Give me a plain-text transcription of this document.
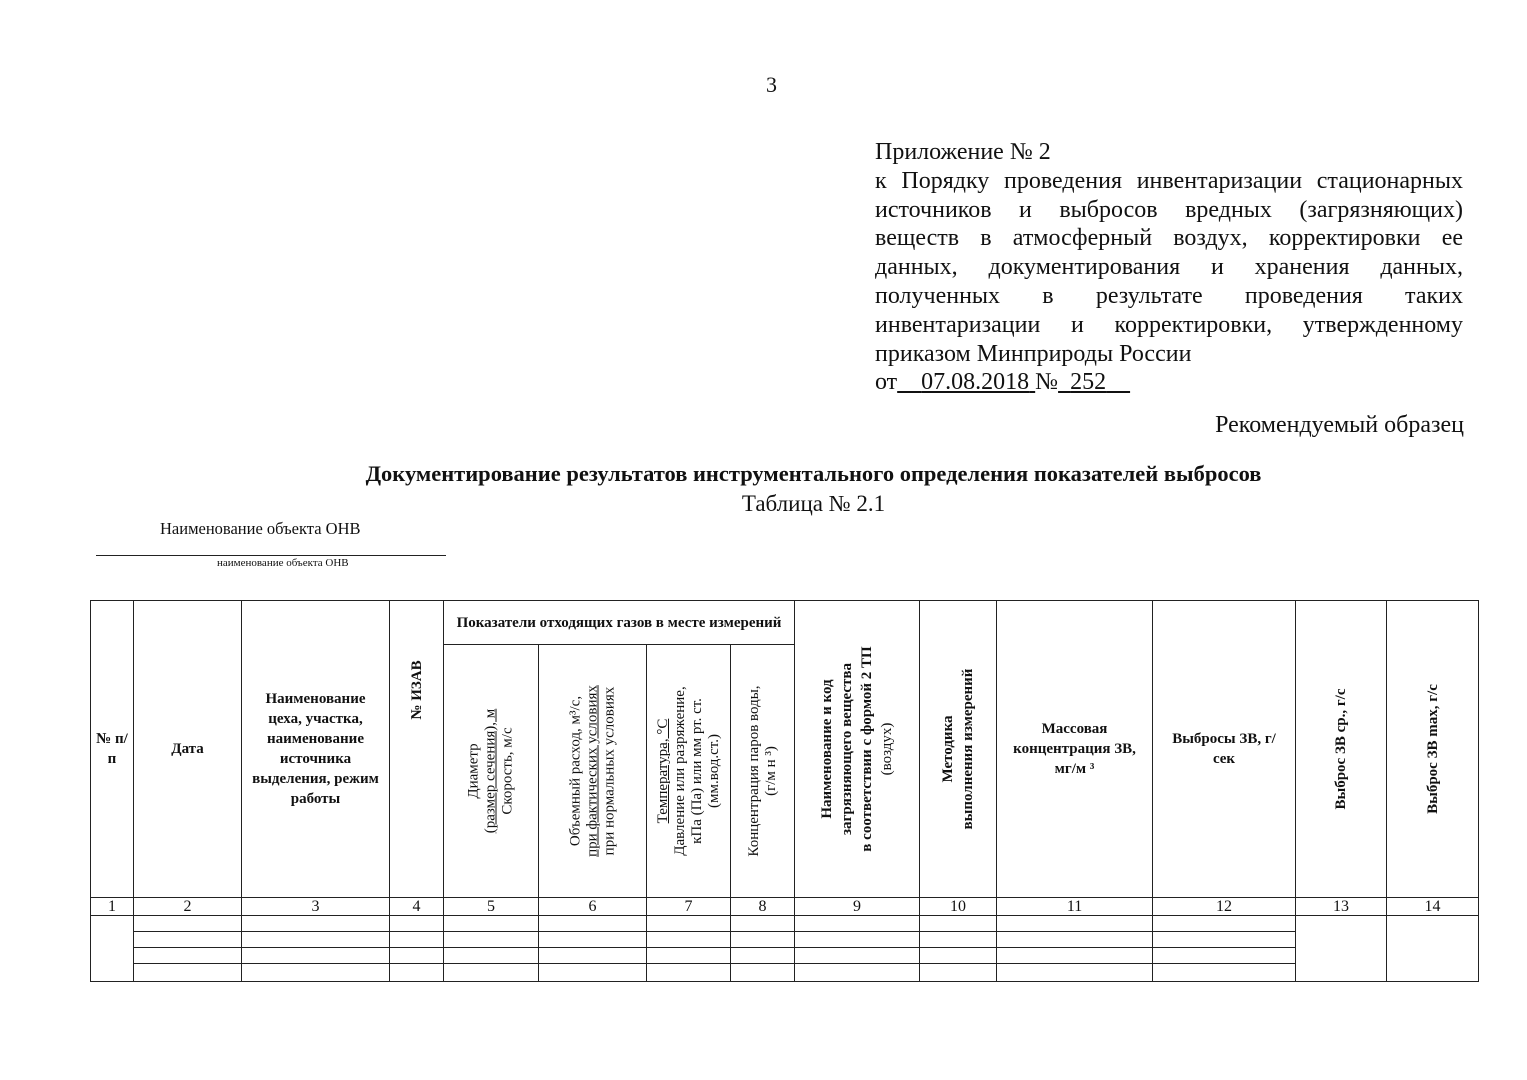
3
Приложение № 2
к Порядку проведения инвентаризации стационарных источников и выбросов вредных (загрязняющих) веществ в атмосферный воздух, корректировки ее данных, документирования и хранения данных, полученных в результате проведения таких инвентаризации и корректировки, утвержденному приказом Минприроды России
от 07.08.2018 № 252
Рекомендуемый образец
Документирование результатов инструментального определения показателей выбросов
Таблица № 2.1
Наименование объекта ОНВ
наименование объекта ОНВ
№ п/ п	Дата	Наименование цеха, участка, наименование источника выделения, режим работы	№ ИЗАВ	Показатели отходящих газов в месте измерений				Наименование и код загрязняющего вещества в соответствии с формой 2 ТП (воздух)	Методика выполнения измерений	Массовая концентрация ЗВ, мг/м ³	Выбросы ЗВ, г/сек	Выброс ЗВ ср., г/с	Выброс ЗВ max, г/с

				Диаметр (размер сечения), м Скорость, м/с	Объемный расход, м³/с, при фактических условиях при нормальных условиях	Температура, °С Давление или разряжение, кПа (Па) или мм рт. ст. (мм.вод.ст.)	Концентрация паров воды, (г/м н ³)						

1	2	3	4	5	6	7	8	9	10	11	12	13	14
